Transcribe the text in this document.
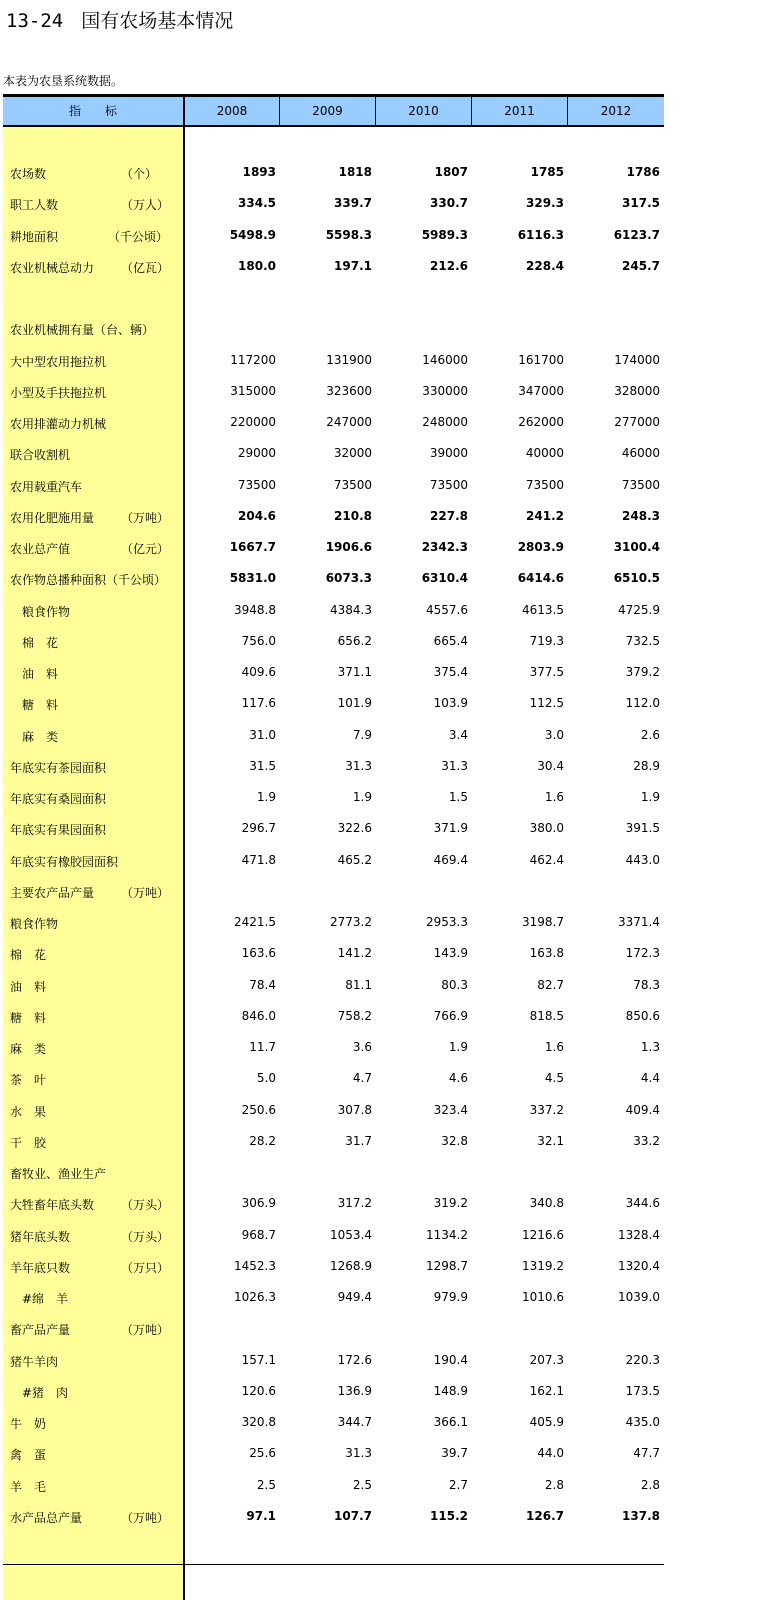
13-24 国有农场基本情况
本表为农垦系统数据。
指　　标	2008	2009	2010	2011	2012
农场数	（个）	1893	1818	1807	1785	1786
职工人数	（万人）	334.5	339.7	330.7	329.3	317.5
耕地面积	（千公顷）	5498.9	5598.3	5989.3	6116.3	6123.7
农业机械总动力 （亿瓦）	180.0	197.1	212.6	228.4	245.7
农业机械拥有量（台、辆）
大中型农用拖拉机	117200	131900	146000	161700	174000
小型及手扶拖拉机	315000	323600	330000	347000	328000
农用排灌动力机械	220000	247000	248000	262000	277000
联合收割机	29000	32000	39000	40000	46000
农用载重汽车	73500	73500	73500	73500	73500
农用化肥施用量 （万吨）	204.6	210.8	227.8	241.2	248.3
农业总产值	（亿元）	1667.7	1906.6	2342.3	2803.9	3100.4
农作物总播种面积（千公顷）	5831.0	6073.3	6310.4	6414.6	6510.5
　粮食作物	3948.8	4384.3	4557.6	4613.5	4725.9
　棉　花	756.0	656.2	665.4	719.3	732.5
　油　料	409.6	371.1	375.4	377.5	379.2
　糖　料	117.6	101.9	103.9	112.5	112.0
　麻　类	31.0	7.9	3.4	3.0	2.6
年底实有茶园面积	31.5	31.3	31.3	30.4	28.9
年底实有桑园面积	1.9	1.9	1.5	1.6	1.9
年底实有果园面积	296.7	322.6	371.9	380.0	391.5
年底实有橡胶园面积	471.8	465.2	469.4	462.4	443.0
主要农产品产量 （万吨）
粮食作物	2421.5	2773.2	2953.3	3198.7	3371.4
棉　花	163.6	141.2	143.9	163.8	172.3
油　料	78.4	81.1	80.3	82.7	78.3
糖　料	846.0	758.2	766.9	818.5	850.6
麻　类	11.7	3.6	1.9	1.6	1.3
茶　叶	5.0	4.7	4.6	4.5	4.4
水　果	250.6	307.8	323.4	337.2	409.4
干　胶	28.2	31.7	32.8	32.1	33.2
畜牧业、渔业生产
大牲畜年底头数 （万头）	306.9	317.2	319.2	340.8	344.6
猪年底头数	（万头）	968.7	1053.4	1134.2	1216.6	1328.4
羊年底只数	（万只）	1452.3	1268.9	1298.7	1319.2	1320.4
　#绵　羊	1026.3	949.4	979.9	1010.6	1039.0
畜产品产量	（万吨）
猪牛羊肉	157.1	172.6	190.4	207.3	220.3
　#猪　肉	120.6	136.9	148.9	162.1	173.5
牛　奶	320.8	344.7	366.1	405.9	435.0
禽　蛋	25.6	31.3	39.7	44.0	47.7
羊　毛	2.5	2.5	2.7	2.8	2.8
水产品总产量	（万吨）	97.1	107.7	115.2	126.7	137.8
